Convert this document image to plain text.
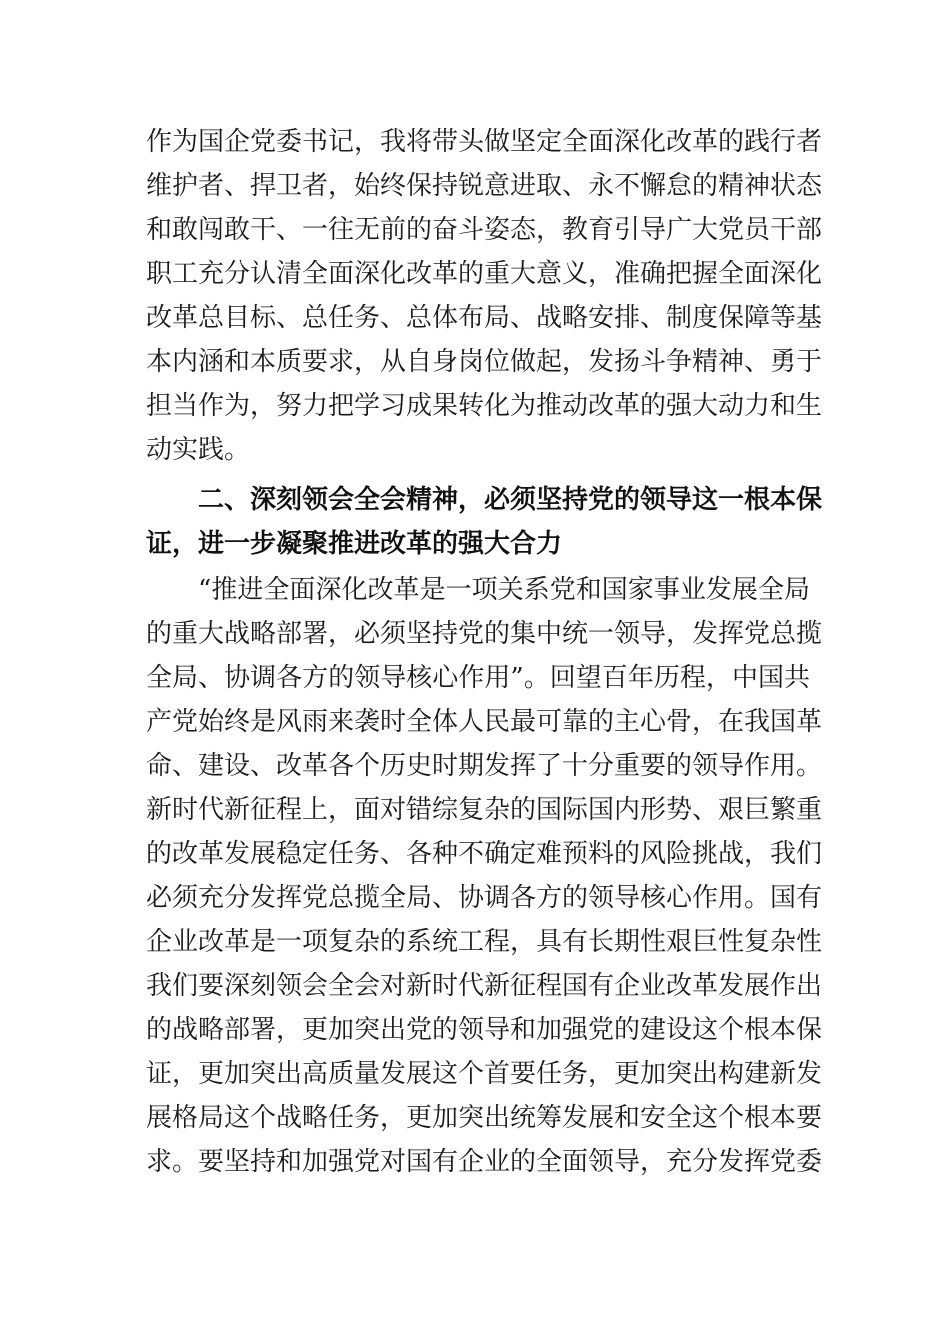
作为国企党委书记，我将带头做坚定全面深化改革的践行者
维护者、捍卫者，始终保持锐意进取、永不懈怠的精神状态
和敢闯敢干、一往无前的奋斗姿态，教育引导广大党员干部
职工充分认清全面深化改革的重大意义，准确把握全面深化
改革总目标、总任务、总体布局、战略安排、制度保障等基
本内涵和本质要求，从自身岗位做起，发扬斗争精神、勇于
担当作为，努力把学习成果转化为推动改革的强大动力和生
动实践。
二、深刻领会全会精神，必须坚持党的领导这一根本保
证，进一步凝聚推进改革的强大合力
“推进全面深化改革是一项关系党和国家事业发展全局
的重大战略部署，必须坚持党的集中统一领导，发挥党总揽
全局、协调各方的领导核心作用”。回望百年历程，中国共
产党始终是风雨来袭时全体人民最可靠的主心骨，在我国革
命、建设、改革各个历史时期发挥了十分重要的领导作用。
新时代新征程上，面对错综复杂的国际国内形势、艰巨繁重
的改革发展稳定任务、各种不确定难预料的风险挑战，我们
必须充分发挥党总揽全局、协调各方的领导核心作用。国有
企业改革是一项复杂的系统工程，具有长期性艰巨性复杂性
我们要深刻领会全会对新时代新征程国有企业改革发展作出
的战略部署，更加突出党的领导和加强党的建设这个根本保
证，更加突出高质量发展这个首要任务，更加突出构建新发
展格局这个战略任务，更加突出统筹发展和安全这个根本要
求。要坚持和加强党对国有企业的全面领导，充分发挥党委
